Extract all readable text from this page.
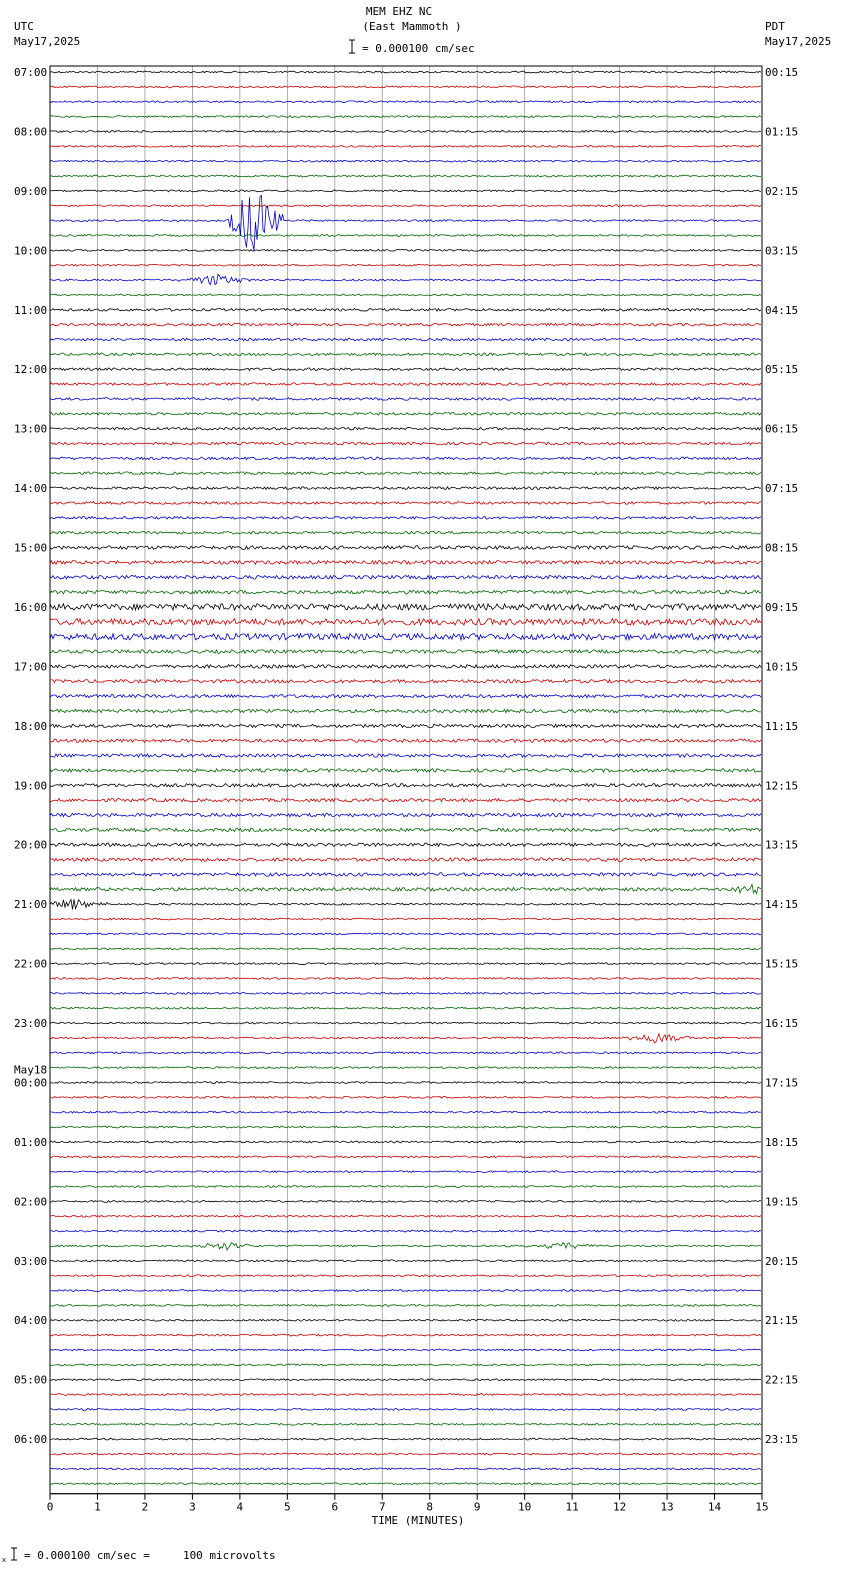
MEM EHZ NC
(East Mammoth )
= 0.000100 cm/sec
UTC
May17,2025
PDT
May17,2025
07:00
08:00
09:00
10:00
11:00
12:00
13:00
14:00
15:00
16:00
17:00
18:00
19:00
20:00
21:00
22:00
23:00
May18
00:00
01:00
02:00
03:00
04:00
05:00
06:00
00:15
01:15
02:15
03:15
04:15
05:15
06:15
07:15
08:15
09:15
10:15
11:15
12:15
13:15
14:15
15:15
16:15
17:15
18:15
19:15
20:15
21:15
22:15
23:15
0	1	2	3	4	5	6	7	8	9	10	11	12	13	14	15
TIME (MINUTES)
x = 0.000100 cm/sec =     100 microvolts
